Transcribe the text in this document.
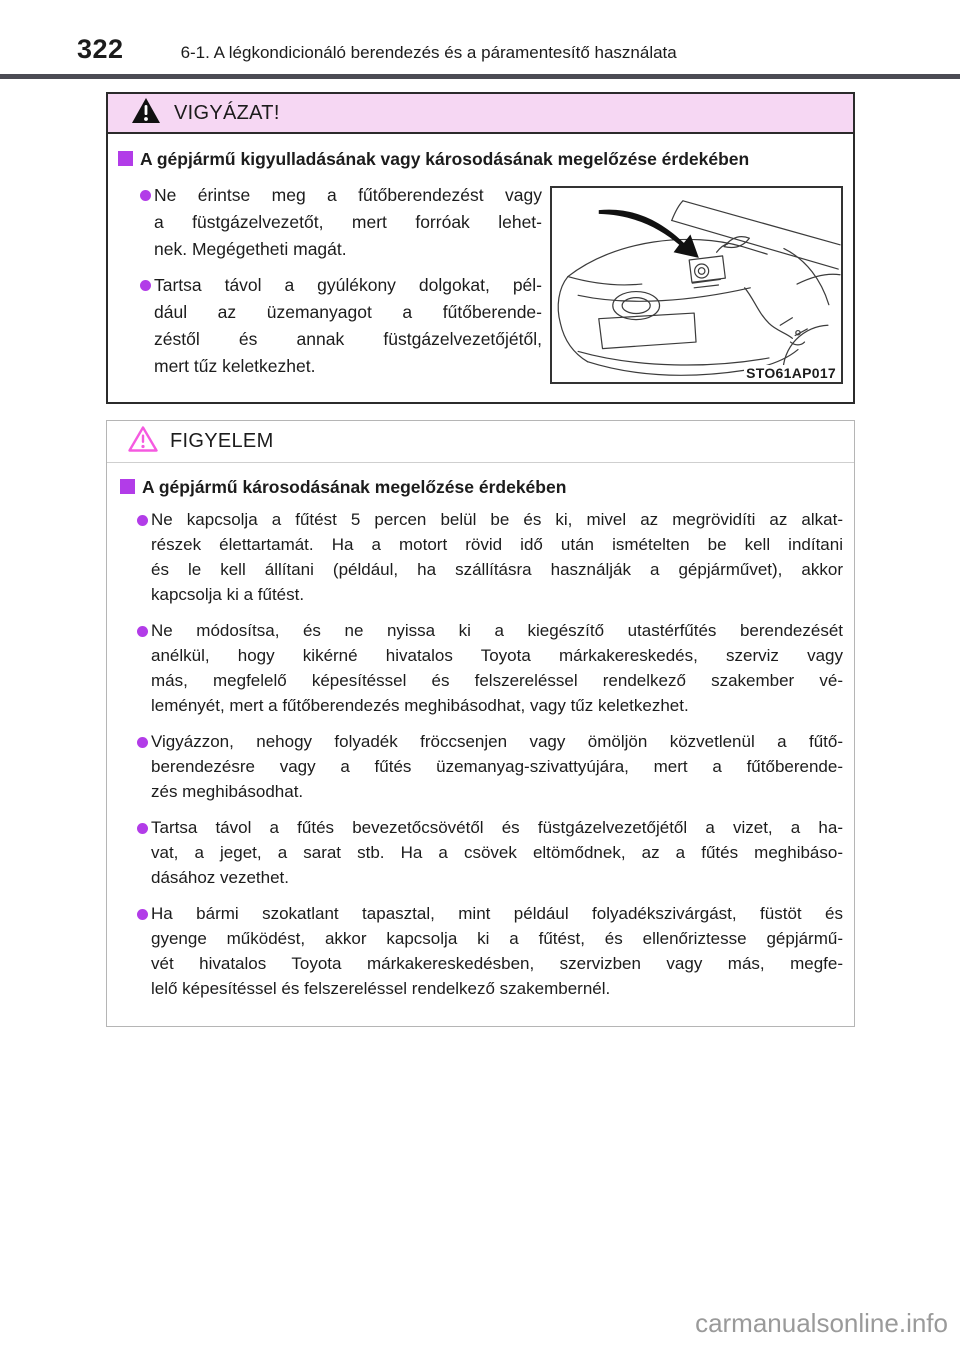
322	6-1. A légkondicionáló berendezés és a páramentesítő használata
VIGYÁZAT!
A gépjármű kigyulladásának vagy károsodásának megelőzése érdekében
Ne érintse meg a fűtőberendezést vagy
a füstgázelvezetőt, mert forróak lehet-
nek. Megégetheti magát.
Tartsa távol a gyúlékony dolgokat, pél-
dául az üzemanyagot a fűtőberende-
zéstől és annak füstgázelvezetőjétől,
mert tűz keletkezhet.	STO61AP017
FIGYELEM
A gépjármű károsodásának megelőzése érdekében
Ne kapcsolja a fűtést 5 percen belül be és ki, mivel az megrövidíti az alkat-
részek élettartamát. Ha a motort rövid idő után ismételten be kell indítani
és le kell állítani (például, ha szállításra használják a gépjárművet), akkor
kapcsolja ki a fűtést.
Ne módosítsa, és ne nyissa ki a kiegészítő utastérfűtés berendezését
anélkül, hogy kikérné hivatalos Toyota márkakereskedés, szerviz vagy
más, megfelelő képesítéssel és felszereléssel rendelkező szakember vé-
leményét, mert a fűtőberendezés meghibásodhat, vagy tűz keletkezhet.
Vigyázzon, nehogy folyadék fröccsenjen vagy ömöljön közvetlenül a fűtő-
berendezésre vagy a fűtés üzemanyag-szivattyújára, mert a fűtőberende-
zés meghibásodhat.
Tartsa távol a fűtés bevezetőcsövétől és füstgázelvezetőjétől a vizet, a ha-
vat, a jeget, a sarat stb. Ha a csövek eltömődnek, az a fűtés meghibáso-
dásához vezethet.
Ha bármi szokatlant tapasztal, mint például folyadékszivárgást, füstöt és
gyenge működést, akkor kapcsolja ki a fűtést, és ellenőriztesse gépjármű-
vét hivatalos Toyota márkakereskedésben, szervizben vagy más, megfe-
lelő képesítéssel és felszereléssel rendelkező szakembernél.
carmanualsonline.info
